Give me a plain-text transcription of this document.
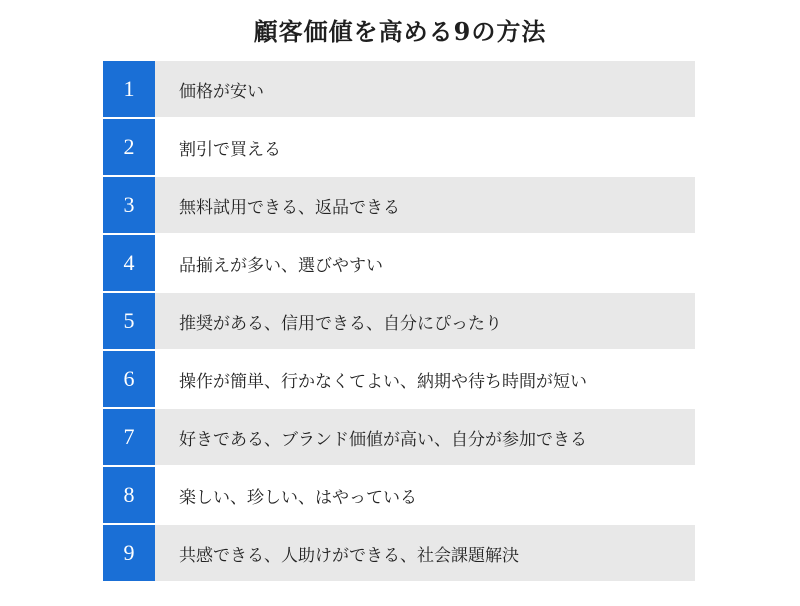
顧客価値を高める9の方法
1	価格が安い
2	割引で買える
3	無料試用できる、返品できる
4	品揃えが多い、選びやすい
5	推奨がある、信用できる、自分にぴったり
6	操作が簡単、行かなくてよい、納期や待ち時間が短い
7	好きである、ブランド価値が高い、自分が参加できる
8	楽しい、珍しい、はやっている
9	共感できる、人助けができる、社会課題解決
